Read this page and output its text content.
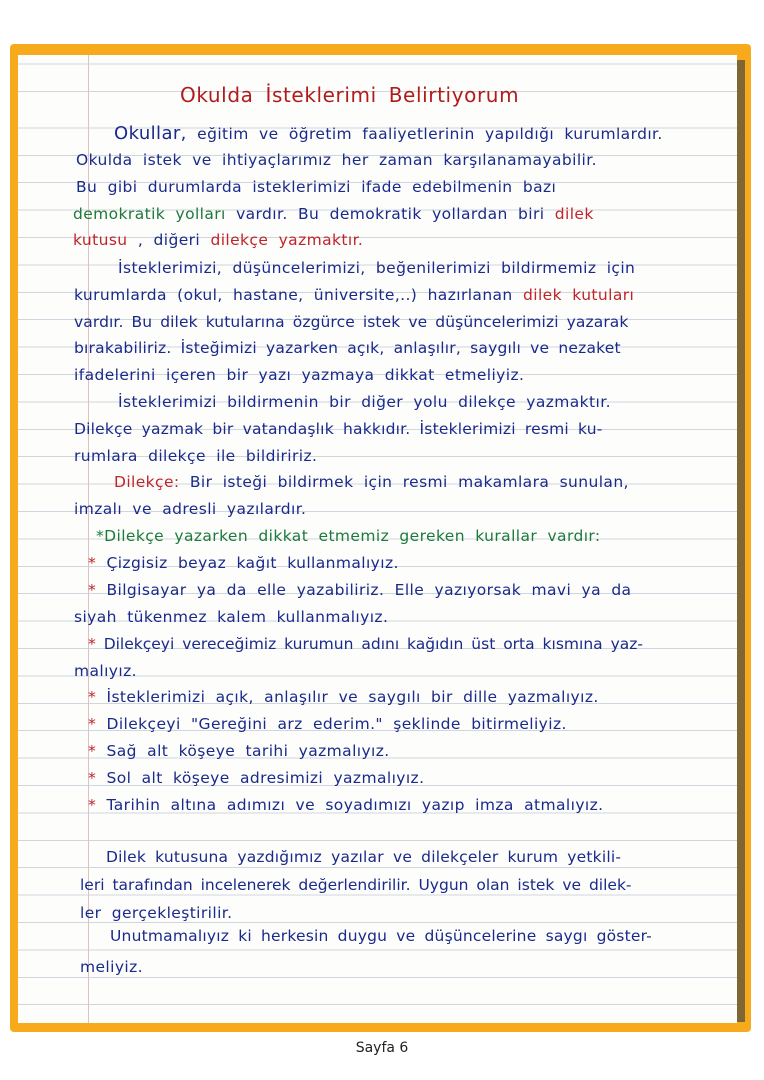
Okulda İsteklerimi Belirtiyorum
Okullar, eğitim ve öğretim faaliyetlerinin yapıldığı kurumlardır.
Okulda istek ve ihtiyaçlarımız her zaman karşılanamayabilir.
Bu gibi durumlarda isteklerimizi ifade edebilmenin bazı
demokratik yolları vardır. Bu demokratik yollardan biri dilek
kutusu , diğeri dilekçe yazmaktır.
İsteklerimizi, düşüncelerimizi, beğenilerimizi bildirmemiz için
kurumlarda (okul, hastane, üniversite,..) hazırlanan dilek kutuları
vardır. Bu dilek kutularına özgürce istek ve düşüncelerimizi yazarak
bırakabiliriz. İsteğimizi yazarken açık, anlaşılır, saygılı ve nezaket
ifadelerini içeren bir yazı yazmaya dikkat etmeliyiz.
İsteklerimizi bildirmenin bir diğer yolu dilekçe yazmaktır.
Dilekçe yazmak bir vatandaşlık hakkıdır. İsteklerimizi resmi ku-
rumlara dilekçe ile bildiririz.
Dilekçe: Bir isteği bildirmek için resmi makamlara sunulan,
imzalı ve adresli yazılardır.
*Dilekçe yazarken dikkat etmemiz gereken kurallar vardır:
* Çizgisiz beyaz kağıt kullanmalıyız.
* Bilgisayar ya da elle yazabiliriz. Elle yazıyorsak mavi ya da
siyah tükenmez kalem kullanmalıyız.
* Dilekçeyi vereceğimiz kurumun adını kağıdın üst orta kısmına yaz-
malıyız.
* İsteklerimizi açık, anlaşılır ve saygılı bir dille yazmalıyız.
* Dilekçeyi "Gereğini arz ederim." şeklinde bitirmeliyiz.
* Sağ alt köşeye tarihi yazmalıyız.
* Sol alt köşeye adresimizi yazmalıyız.
* Tarihin altına adımızı ve soyadımızı yazıp imza atmalıyız.
Dilek kutusuna yazdığımız yazılar ve dilekçeler kurum yetkili-
leri tarafından incelenerek değerlendirilir. Uygun olan istek ve dilek-
ler gerçekleştirilir.
Unutmamalıyız ki herkesin duygu ve düşüncelerine saygı göster-
meliyiz.
Sayfa 6
